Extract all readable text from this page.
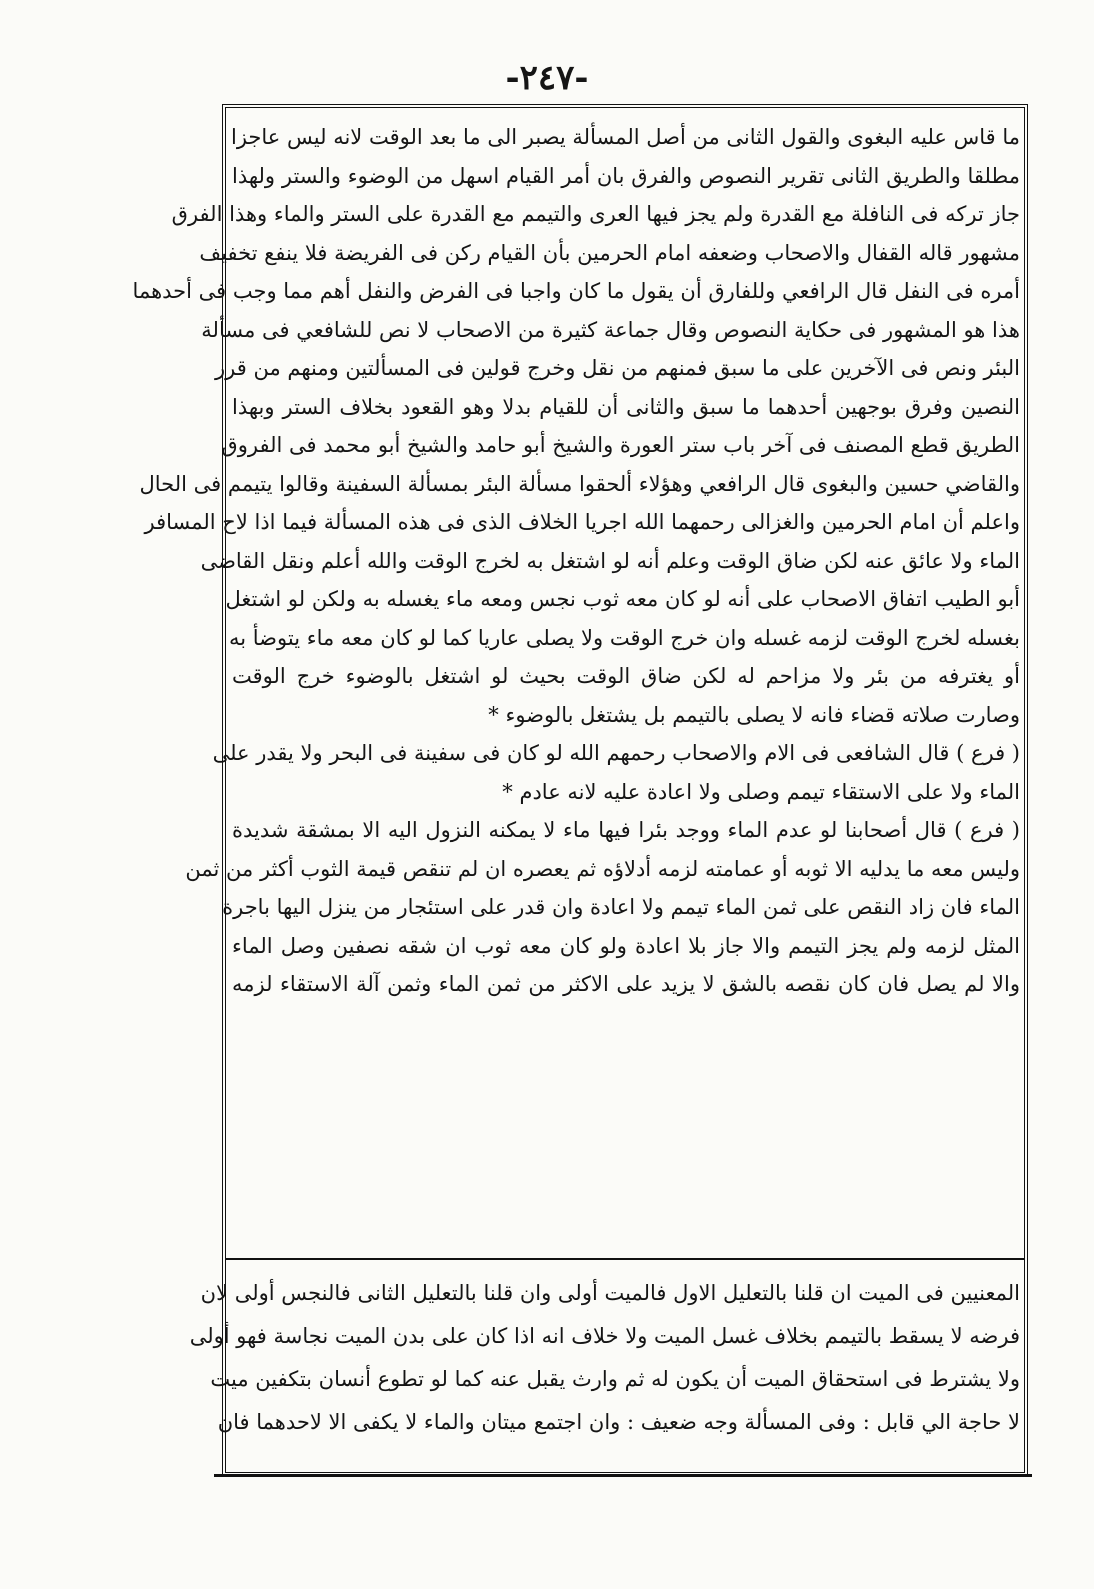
-٢٤٧-
ما قاس عليه البغوى والقول الثانى من أصل المسألة يصبر الى ما بعد الوقت لانه ليس عاجزا
مطلقا والطريق الثانى تقرير النصوص والفرق بان أمر القيام اسهل من الوضوء والستر ولهذا
جاز تركه فى النافلة مع القدرة ولم يجز فيها العرى والتيمم مع القدرة على الستر والماء وهذا الفرق
مشهور قاله القفال والاصحاب وضعفه امام الحرمين بأن القيام ركن فى الفريضة فلا ينفع تخفيف
أمره فى النفل قال الرافعي وللفارق أن يقول ما كان واجبا فى الفرض والنفل أهم مما وجب فى أحدهما
هذا هو المشهور فى حكاية النصوص وقال جماعة كثيرة من الاصحاب لا نص للشافعي فى مسألة
البئر ونص فى الآخرين على ما سبق فمنهم من نقل وخرج قولين فى المسألتين ومنهم من قرر
النصين وفرق بوجهين أحدهما ما سبق والثانى أن للقيام بدلا وهو القعود بخلاف الستر وبهذا
الطريق قطع المصنف فى آخر باب ستر العورة والشيخ أبو حامد والشيخ أبو محمد فى الفروق
والقاضي حسين والبغوى قال الرافعي وهؤلاء ألحقوا مسألة البئر بمسألة السفينة وقالوا يتيمم فى الحال
واعلم أن امام الحرمين والغزالى رحمهما الله اجريا الخلاف الذى فى هذه المسألة فيما اذا لاح المسافر
الماء ولا عائق عنه لكن ضاق الوقت وعلم أنه لو اشتغل به لخرج الوقت والله أعلم ونقل القاضى
أبو الطيب اتفاق الاصحاب على أنه لو كان معه ثوب نجس ومعه ماء يغسله به ولكن لو اشتغل
بغسله لخرج الوقت لزمه غسله وان خرج الوقت ولا يصلى عاريا كما لو كان معه ماء يتوضأ به
أو يغترفه من بئر ولا مزاحم له لكن ضاق الوقت بحيث لو اشتغل بالوضوء خرج الوقت
وصارت صلاته قضاء فانه لا يصلى بالتيمم بل يشتغل بالوضوء *
( فرع ) قال الشافعى فى الام والاصحاب رحمهم الله لو كان فى سفينة فى البحر ولا يقدر على
الماء ولا على الاستقاء تيمم وصلى ولا اعادة عليه لانه عادم *
( فرع ) قال أصحابنا لو عدم الماء ووجد بئرا فيها ماء لا يمكنه النزول اليه الا بمشقة شديدة
وليس معه ما يدليه الا ثوبه أو عمامته لزمه أدلاؤه ثم يعصره ان لم تنقص قيمة الثوب أكثر من ثمن
الماء فان زاد النقص على ثمن الماء تيمم ولا اعادة وان قدر على استئجار من ينزل اليها باجرة
المثل لزمه ولم يجز التيمم والا جاز بلا اعادة ولو كان معه ثوب ان شقه نصفين وصل الماء
والا لم يصل فان كان نقصه بالشق لا يزيد على الاكثر من ثمن الماء وثمن آلة الاستقاء لزمه
المعنيين فى الميت ان قلنا بالتعليل الاول فالميت أولى وان قلنا بالتعليل الثانى فالنجس أولى لان
فرضه لا يسقط بالتيمم بخلاف غسل الميت ولا خلاف انه اذا كان على بدن الميت نجاسة فهو أولى
ولا يشترط فى استحقاق الميت أن يكون له ثم وارث يقبل عنه كما لو تطوع أنسان بتكفين ميت
لا حاجة الي قابل : وفى المسألة وجه ضعيف : وان اجتمع ميتان والماء لا يكفى الا لاحدهما فان
